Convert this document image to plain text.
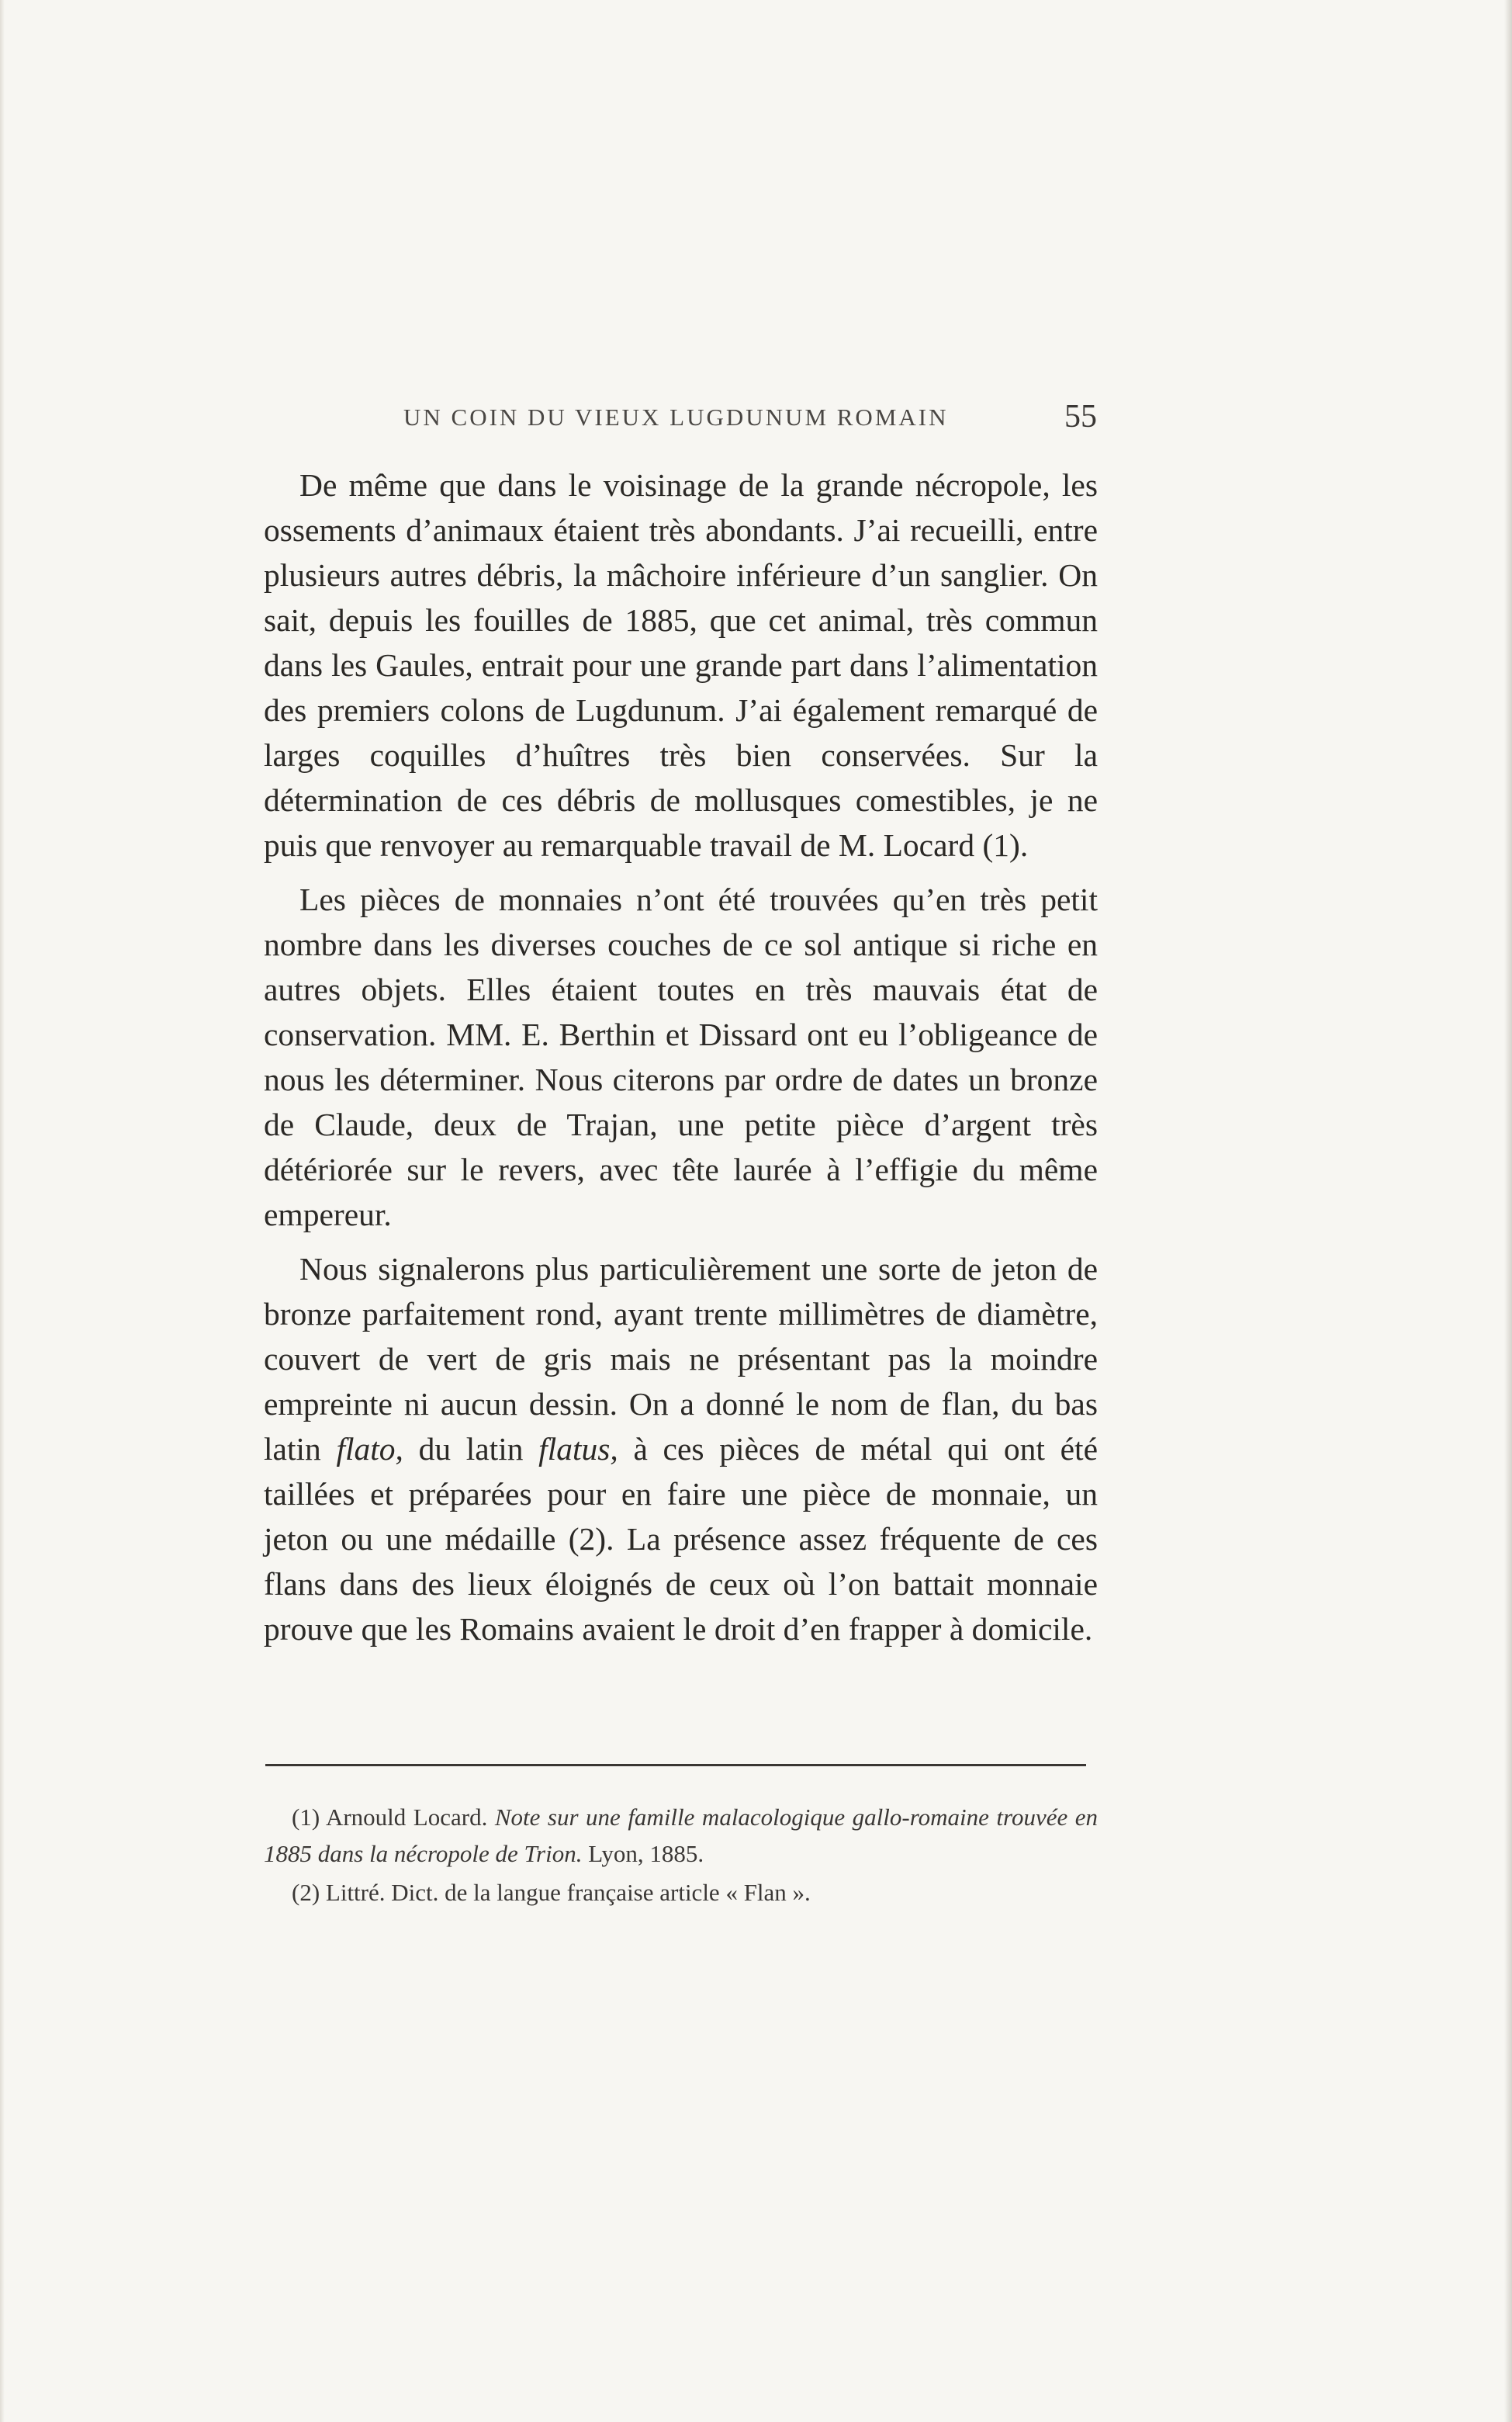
UN COIN DU VIEUX LUGDUNUM ROMAIN	55

De même que dans le voisinage de la grande nécropole, les ossements d’animaux étaient très abondants. J’ai recueilli, entre plusieurs autres débris, la mâchoire inférieure d’un sanglier. On sait, depuis les fouilles de 1885, que cet animal, très commun dans les Gaules, entrait pour une grande part dans l’alimentation des premiers colons de Lugdunum. J’ai également remarqué de larges coquilles d’huîtres très bien conservées. Sur la détermination de ces débris de mollusques comestibles, je ne puis que renvoyer au remarquable travail de M. Locard (1).

Les pièces de monnaies n’ont été trouvées qu’en très petit nombre dans les diverses couches de ce sol antique si riche en autres objets. Elles étaient toutes en très mauvais état de conservation. MM. E. Berthin et Dissard ont eu l’obligeance de nous les déterminer. Nous citerons par ordre de dates un bronze de Claude, deux de Trajan, une petite pièce d’argent très détériorée sur le revers, avec tête laurée à l’effigie du même empereur.

Nous signalerons plus particulièrement une sorte de jeton de bronze parfaitement rond, ayant trente millimètres de diamètre, couvert de vert de gris mais ne présentant pas la moindre empreinte ni aucun dessin. On a donné le nom de flan, du bas latin flato, du latin flatus, à ces pièces de métal qui ont été taillées et préparées pour en faire une pièce de monnaie, un jeton ou une médaille (2). La présence assez fréquente de ces flans dans des lieux éloignés de ceux où l’on battait monnaie prouve que les Romains avaient le droit d’en frapper à domicile.

(1) Arnould Locard. Note sur une famille malacologique gallo-romaine trouvée en 1885 dans la nécropole de Trion. Lyon, 1885.

(2) Littré. Dict. de la langue française article « Flan ».
